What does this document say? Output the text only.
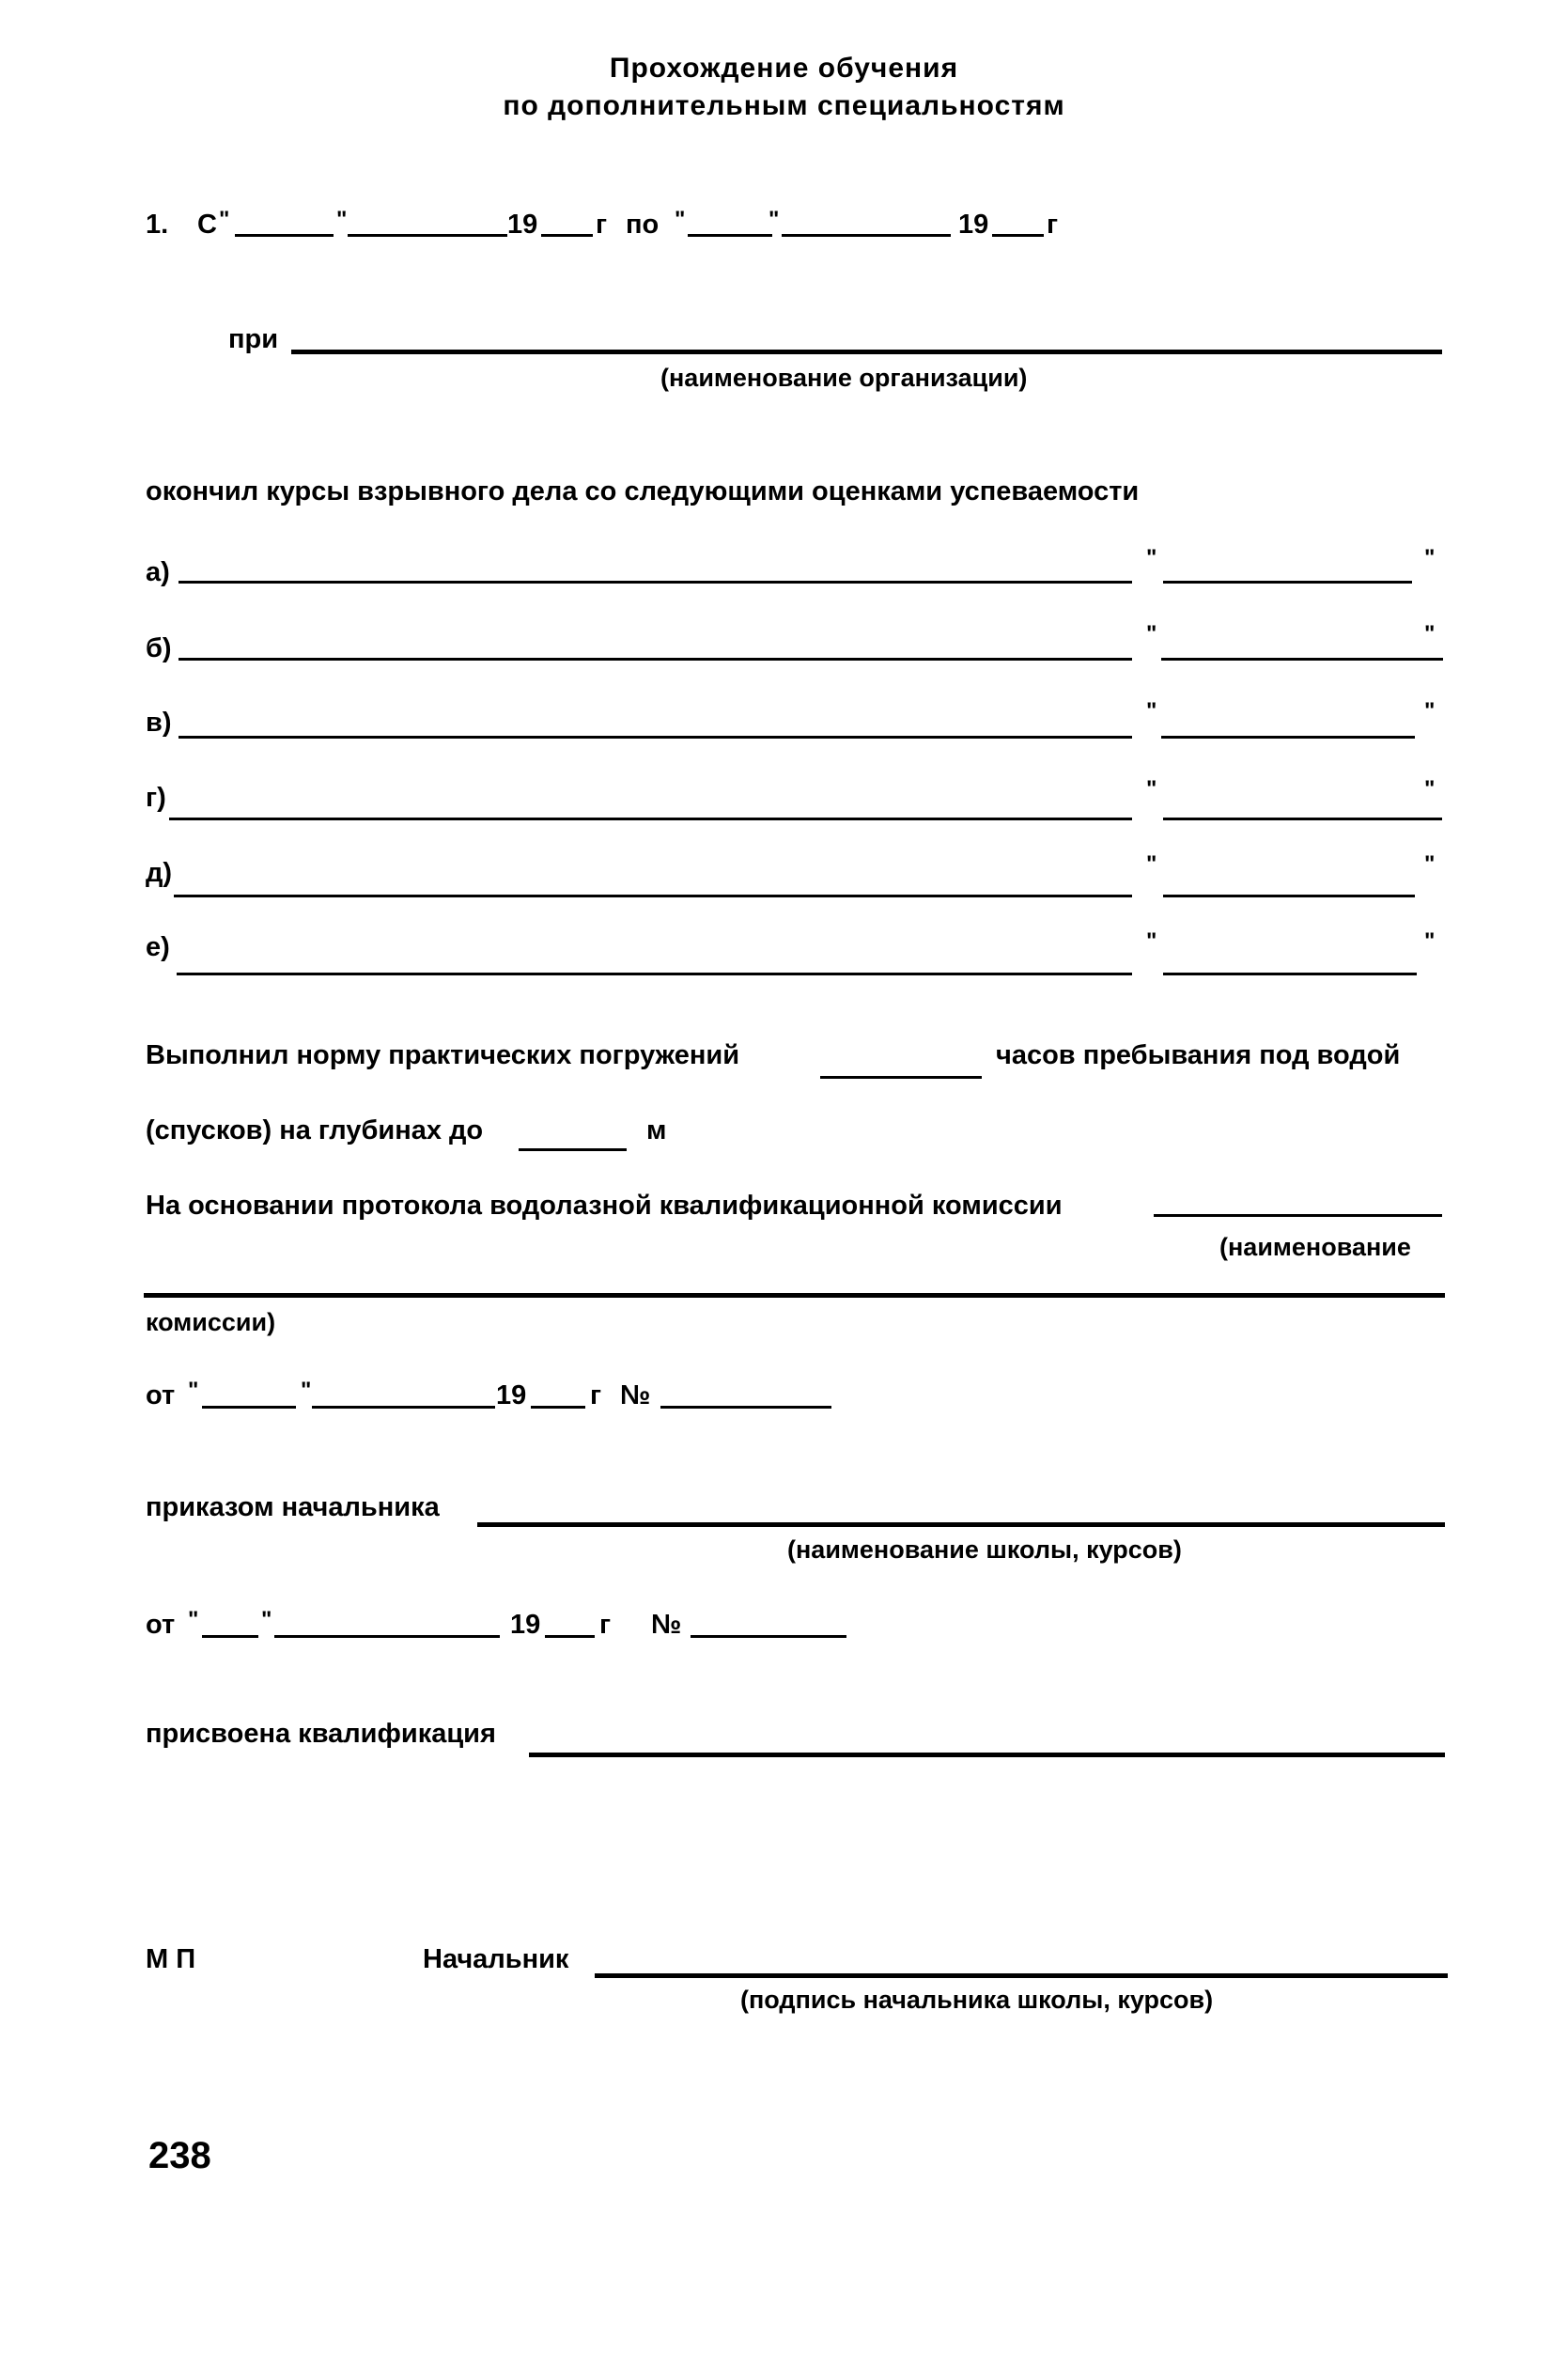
Прохождение обучения
по дополнительным специальностям
1. С "	"	19 г по "	"	19 г
при
(наименование организации)
окончил курсы взрывного дела со следующими оценками успеваемости
а)	"	"
б)	"	"
в)	"	"
г)	"	"
д)	"	"
е)	"	"
Выполнил норму практических погружений	часов пребывания под водой
(спусков) на глубинах до	м
На основании протокола водолазной квалификационной комиссии
(наименование
комиссии)
от "	"	19 г №
приказом начальника
(наименование школы, курсов)
от "	"	19 г №
присвоена квалификация
М П	Начальник
(подпись начальника школы, курсов)
238
